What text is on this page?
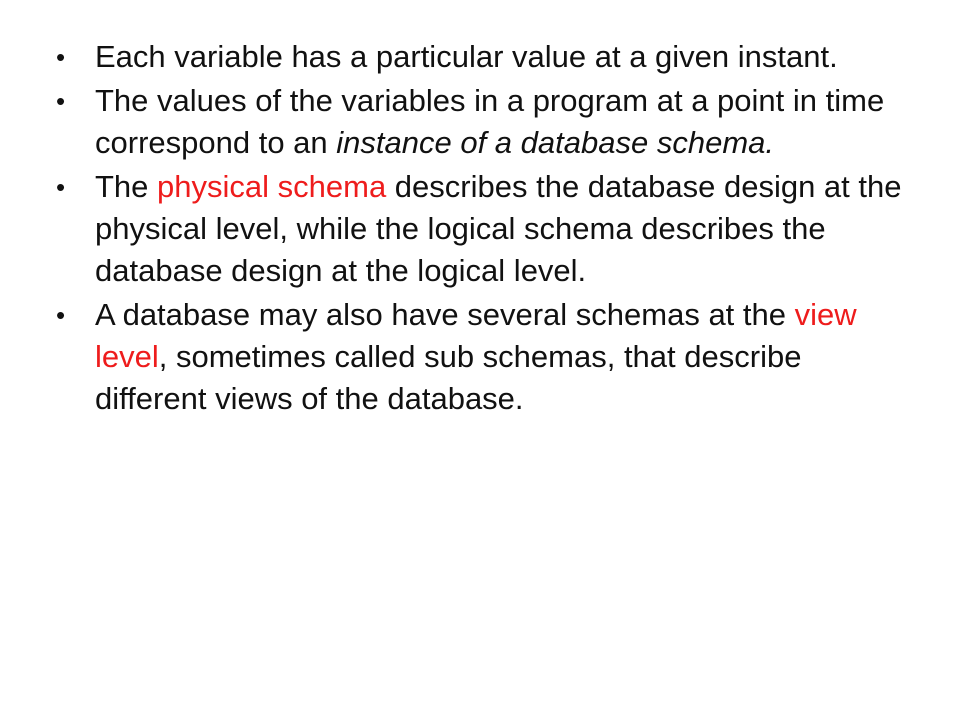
• Each variable has a particular value at a given instant.
• The values of the variables in a program at a point in time correspond to an instance of a database schema.
• The physical schema describes the database design at the physical level, while the logical schema describes the database design at the logical level.
• A database may also have several schemas at the view level, sometimes called sub schemas, that describe different views of the database.
